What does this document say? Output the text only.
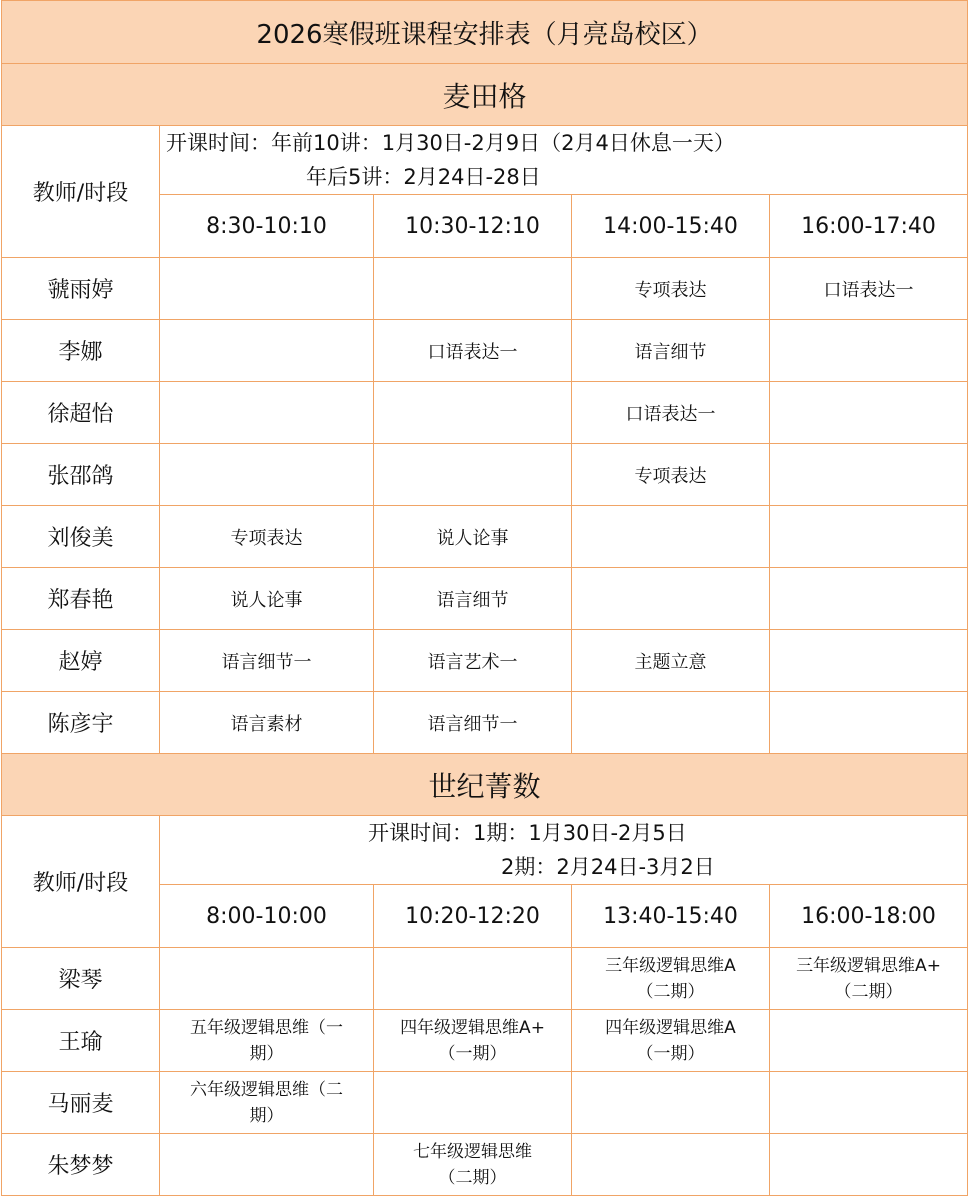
2026寒假班课程安排表（月亮岛校区）				
麦田格				
教师/时段	开课时间：年前10讲：1月30日-2月9日（2月4日休息一天）
年后5讲：2月24日-28日			

	8:30-10:10	10:30-12:10	14:00-15:40	16:00-17:40
虢雨婷			专项表达	口语表达一
李娜		口语表达一	语言细节	
徐超怡			口语表达一	
张邵鸽			专项表达	
刘俊美	专项表达	说人论事		
郑春艳	说人论事	语言细节		
赵婷	语言细节一	语言艺术一	主题立意	
陈彦宇	语言素材	语言细节一		
世纪菁数				
教师/时段	开课时间：1期：1月30日-2月5日
2期：2月24日-3月2日			

	8:00-10:00	10:20-12:20	13:40-15:40	16:00-18:00
梁琴			三年级逻辑思维A
（二期）	三年级逻辑思维A+
（二期）

王瑜	五年级逻辑思维（一
期）	四年级逻辑思维A+
（一期）	四年级逻辑思维A
（一期）	

马丽麦	六年级逻辑思维（二
期）			

朱梦梦		七年级逻辑思维
（二期）		
